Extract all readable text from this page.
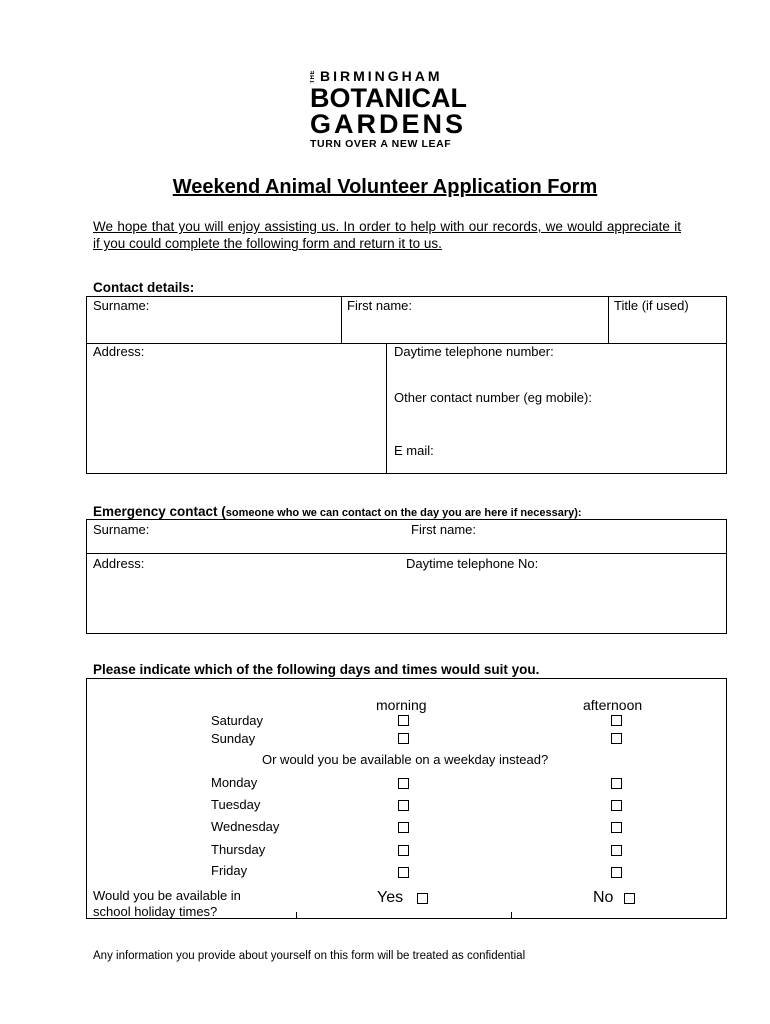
THE BIRMINGHAM
BOTANICAL
GARDENS
TURN OVER A NEW LEAF
Weekend Animal Volunteer Application Form
We hope that you will enjoy assisting us. In order to help with our records, we would appreciate it if you could complete the following form and return it to us.
Contact details:
Surname:	First name:	Title (if used)
Address:	Daytime telephone number:
Other contact number (eg mobile):
E mail:
Emergency contact (someone who we can contact on the day you are here if necessary):
Surname:	First name:
Address:	Daytime telephone No:
Please indicate which of the following days and times would suit you.
morning	afternoon
Saturday
Sunday
Or would you be available on a weekday instead?
Monday
Tuesday
Wednesday
Thursday
Friday
Would you be available in
school holiday times?
Yes	No
Any information you provide about yourself on this form will be treated as confidential
